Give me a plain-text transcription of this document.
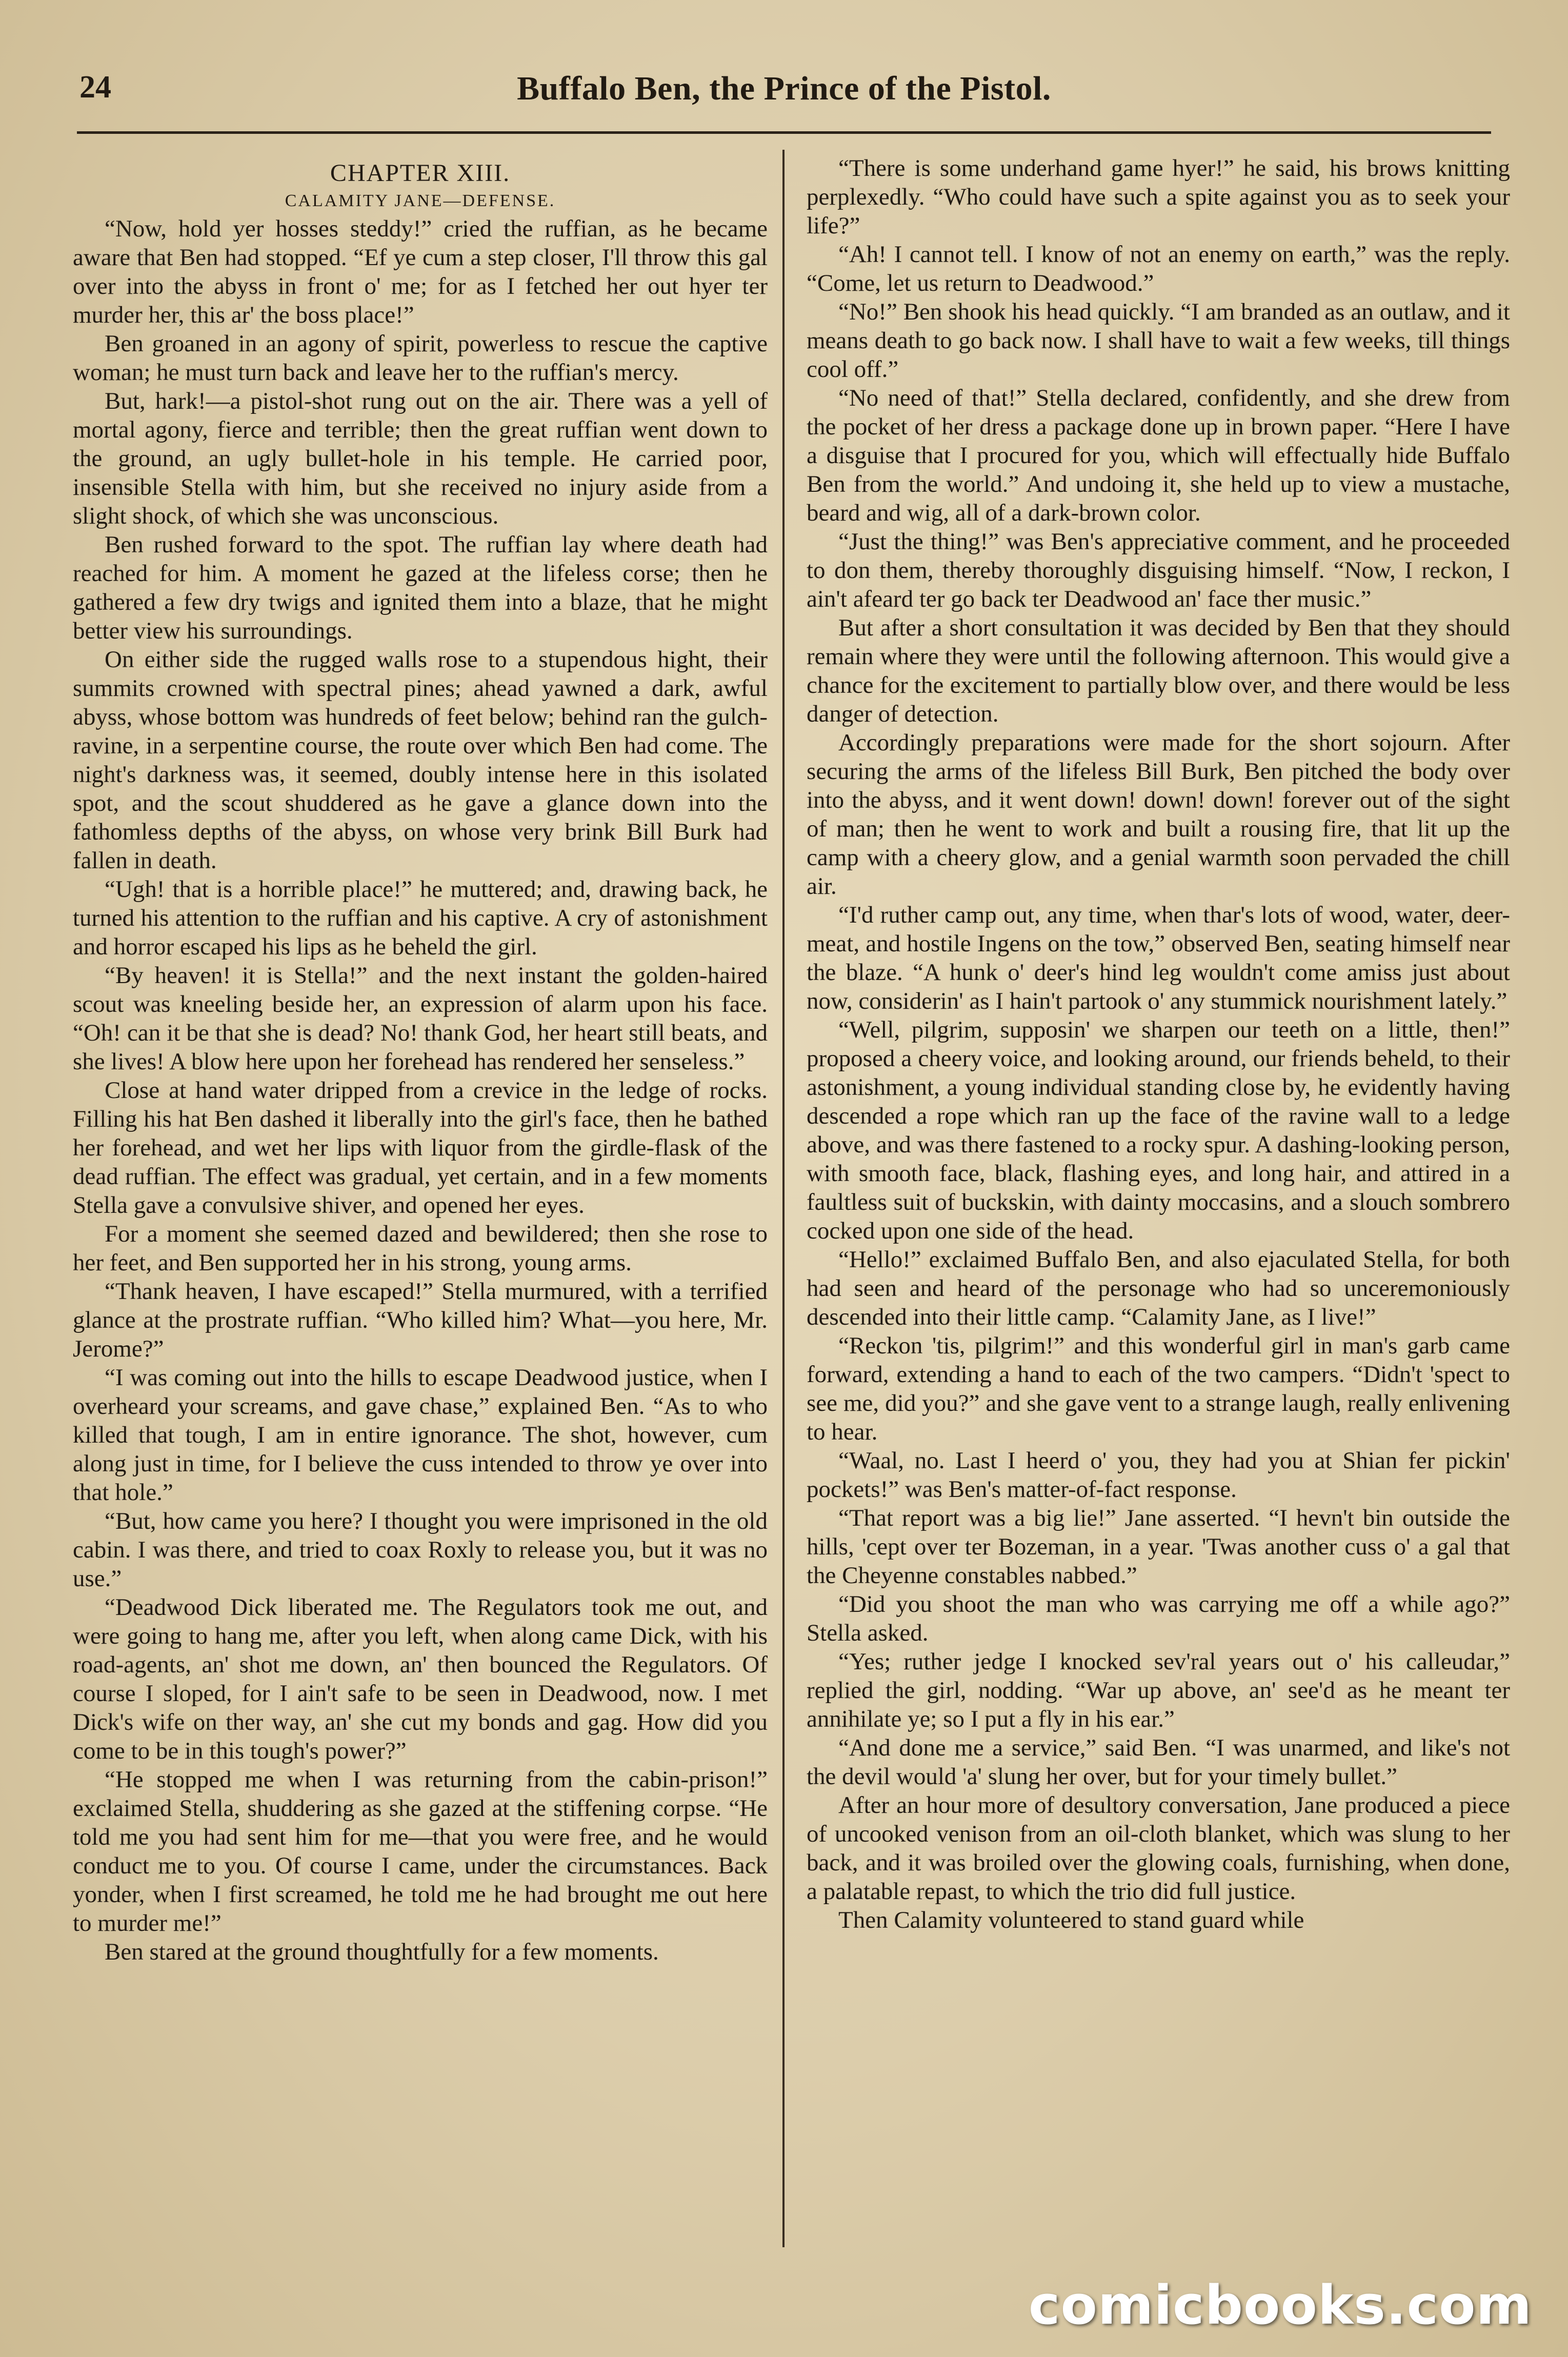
24	Buffalo Ben, the Prince of the Pistol.
CHAPTER XIII.
CALAMITY JANE—DEFENSE.

“Now, hold yer hosses steddy!” cried the ruffian, as he became aware that Ben had stopped. “Ef ye cum a step closer, I'll throw this gal over into the abyss in front o' me; for as I fetched her out hyer ter murder her, this ar' the boss place!”

Ben groaned in an agony of spirit, powerless to rescue the captive woman; he must turn back and leave her to the ruffian's mercy.

But, hark!—a pistol-shot rung out on the air. There was a yell of mortal agony, fierce and terrible; then the great ruffian went down to the ground, an ugly bullet-hole in his temple. He carried poor, insensible Stella with him, but she received no injury aside from a slight shock, of which she was unconscious.

Ben rushed forward to the spot. The ruffian lay where death had reached for him. A moment he gazed at the lifeless corse; then he gathered a few dry twigs and ignited them into a blaze, that he might better view his surroundings.

On either side the rugged walls rose to a stupendous hight, their summits crowned with spectral pines; ahead yawned a dark, awful abyss, whose bottom was hundreds of feet below; behind ran the gulch-ravine, in a serpentine course, the route over which Ben had come. The night's darkness was, it seemed, doubly intense here in this isolated spot, and the scout shuddered as he gave a glance down into the fathomless depths of the abyss, on whose very brink Bill Burk had fallen in death.

“Ugh! that is a horrible place!” he muttered; and, drawing back, he turned his attention to the ruffian and his captive. A cry of astonishment and horror escaped his lips as he beheld the girl.

“By heaven! it is Stella!” and the next instant the golden-haired scout was kneeling beside her, an expression of alarm upon his face. “Oh! can it be that she is dead? No! thank God, her heart still beats, and she lives! A blow here upon her forehead has rendered her senseless.”

Close at hand water dripped from a crevice in the ledge of rocks. Filling his hat Ben dashed it liberally into the girl's face, then he bathed her forehead, and wet her lips with liquor from the girdle-flask of the dead ruffian. The effect was gradual, yet certain, and in a few moments Stella gave a convulsive shiver, and opened her eyes.

For a moment she seemed dazed and bewildered; then she rose to her feet, and Ben supported her in his strong, young arms.

“Thank heaven, I have escaped!” Stella murmured, with a terrified glance at the prostrate ruffian. “Who killed him? What—you here, Mr. Jerome?”

“I was coming out into the hills to escape Deadwood justice, when I overheard your screams, and gave chase,” explained Ben. “As to who killed that tough, I am in entire ignorance. The shot, however, cum along just in time, for I believe the cuss intended to throw ye over into that hole.”

“But, how came you here? I thought you were imprisoned in the old cabin. I was there, and tried to coax Roxly to release you, but it was no use.”

“Deadwood Dick liberated me. The Regulators took me out, and were going to hang me, after you left, when along came Dick, with his road-agents, an' shot me down, an' then bounced the Regulators. Of course I sloped, for I ain't safe to be seen in Deadwood, now. I met Dick's wife on ther way, an' she cut my bonds and gag. How did you come to be in this tough's power?”

“He stopped me when I was returning from the cabin-prison!” exclaimed Stella, shuddering as she gazed at the stiffening corpse. “He told me you had sent him for me—that you were free, and he would conduct me to you. Of course I came, under the circumstances. Back yonder, when I first screamed, he told me he had brought me out here to murder me!”

Ben stared at the ground thoughtfully for a few moments.

“There is some underhand game hyer!” he said, his brows knitting perplexedly. “Who could have such a spite against you as to seek your life?”

“Ah! I cannot tell. I know of not an enemy on earth,” was the reply. “Come, let us return to Deadwood.”

“No!” Ben shook his head quickly. “I am branded as an outlaw, and it means death to go back now. I shall have to wait a few weeks, till things cool off.”

“No need of that!” Stella declared, confidently, and she drew from the pocket of her dress a package done up in brown paper. “Here I have a disguise that I procured for you, which will effectually hide Buffalo Ben from the world.” And undoing it, she held up to view a mustache, beard and wig, all of a dark-brown color.

“Just the thing!” was Ben's appreciative comment, and he proceeded to don them, thereby thoroughly disguising himself. “Now, I reckon, I ain't afeard ter go back ter Deadwood an' face ther music.”

But after a short consultation it was decided by Ben that they should remain where they were until the following afternoon. This would give a chance for the excitement to partially blow over, and there would be less danger of detection.

Accordingly preparations were made for the short sojourn. After securing the arms of the lifeless Bill Burk, Ben pitched the body over into the abyss, and it went down! down! down! forever out of the sight of man; then he went to work and built a rousing fire, that lit up the camp with a cheery glow, and a genial warmth soon pervaded the chill air.

“I'd ruther camp out, any time, when thar's lots of wood, water, deer-meat, and hostile Ingens on the tow,” observed Ben, seating himself near the blaze. “A hunk o' deer's hind leg wouldn't come amiss just about now, considerin' as I hain't partook o' any stummick nourishment lately.”

“Well, pilgrim, supposin' we sharpen our teeth on a little, then!” proposed a cheery voice, and looking around, our friends beheld, to their astonishment, a young individual standing close by, he evidently having descended a rope which ran up the face of the ravine wall to a ledge above, and was there fastened to a rocky spur. A dashing-looking person, with smooth face, black, flashing eyes, and long hair, and attired in a faultless suit of buckskin, with dainty moccasins, and a slouch sombrero cocked upon one side of the head.

“Hello!” exclaimed Buffalo Ben, and also ejaculated Stella, for both had seen and heard of the personage who had so unceremoniously descended into their little camp. “Calamity Jane, as I live!”

“Reckon 'tis, pilgrim!” and this wonderful girl in man's garb came forward, extending a hand to each of the two campers. “Didn't 'spect to see me, did you?” and she gave vent to a strange laugh, really enlivening to hear.

“Waal, no. Last I heerd o' you, they had you at Shian fer pickin' pockets!” was Ben's matter-of-fact response.

“That report was a big lie!” Jane asserted. “I hevn't bin outside the hills, 'cept over ter Bozeman, in a year. 'Twas another cuss o' a gal that the Cheyenne constables nabbed.”

“Did you shoot the man who was carrying me off a while ago?” Stella asked.

“Yes; ruther jedge I knocked sev'ral years out o' his calleudar,” replied the girl, nodding. “War up above, an' see'd as he meant ter annihilate ye; so I put a fly in his ear.”

“And done me a service,” said Ben. “I was unarmed, and like's not the devil would 'a' slung her over, but for your timely bullet.”

After an hour more of desultory conversation, Jane produced a piece of uncooked venison from an oil-cloth blanket, which was slung to her back, and it was broiled over the glowing coals, furnishing, when done, a palatable repast, to which the trio did full justice.

Then Calamity volunteered to stand guard while

comicbooks.com
